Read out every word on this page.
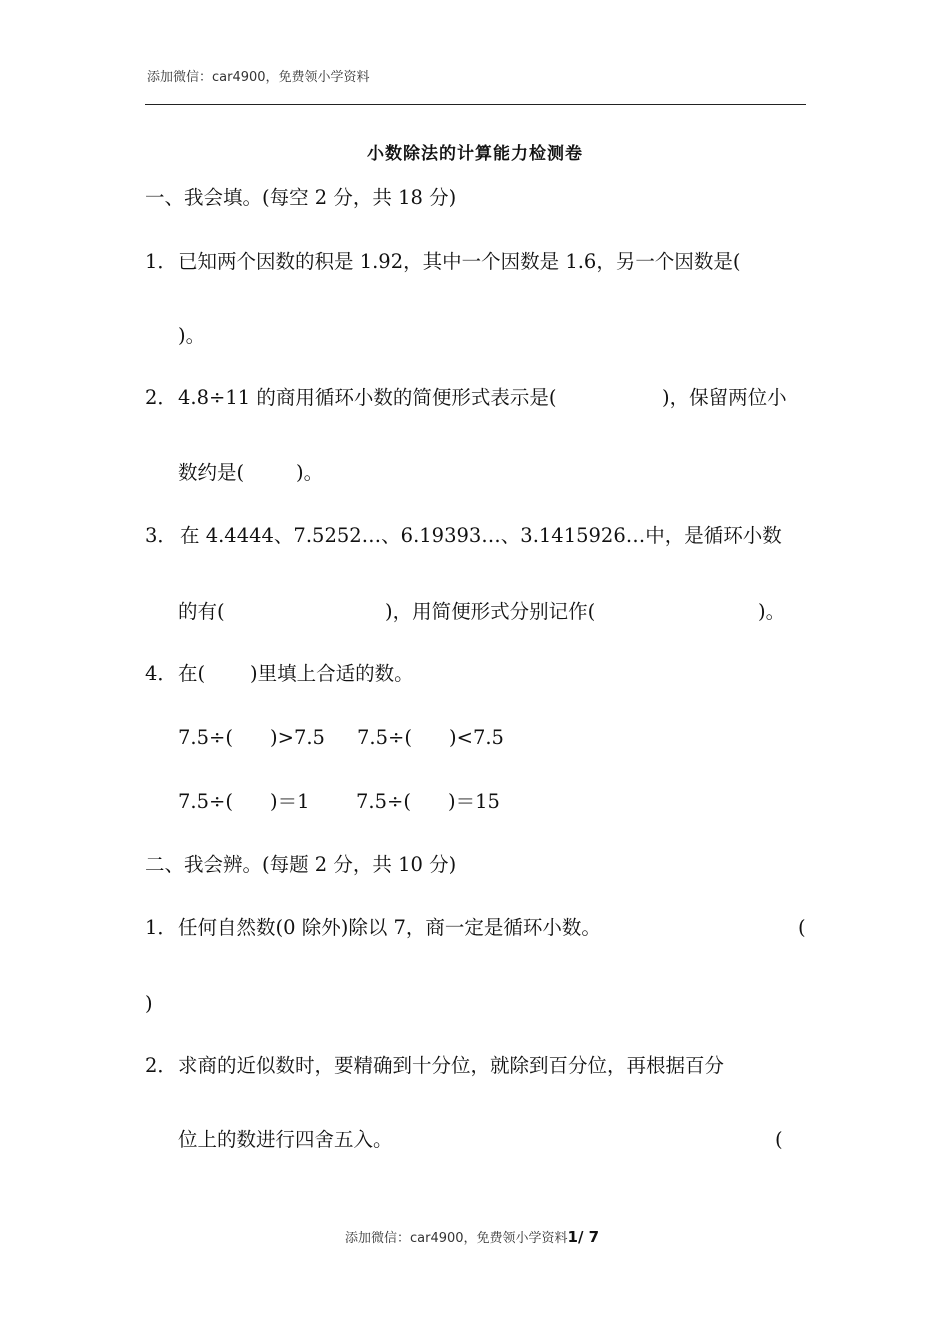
添加微信：car4900，免费领小学资料
小数除法的计算能力检测卷
一、我会填。(每空 2 分，共 18 分)
1． 已知两个因数的积是 1.92，其中一个因数是 1.6，另一个因数是(
)。
2． 4.8÷11 的商用循环小数的简便形式表示是(	)，保留两位小
数约是(	)。
3． 在 4.4444、7.5252…、6.19393…、3.1415926…中，是循环小数
的有(	)，用简便形式分别记作(	)。
4． 在( )里填上合适的数。
7.5÷( )>7.5 7.5÷( )<7.5
7.5÷( )＝1 7.5÷( )＝15
二、我会辨。(每题 2 分，共 10 分)
1． 任何自然数(0 除外)除以 7，商一定是循环小数。	(
)
2． 求商的近似数时，要精确到十分位，就除到百分位，再根据百分
位上的数进行四舍五入。	(
添加微信：car4900，免费领小学资料1/ 7
